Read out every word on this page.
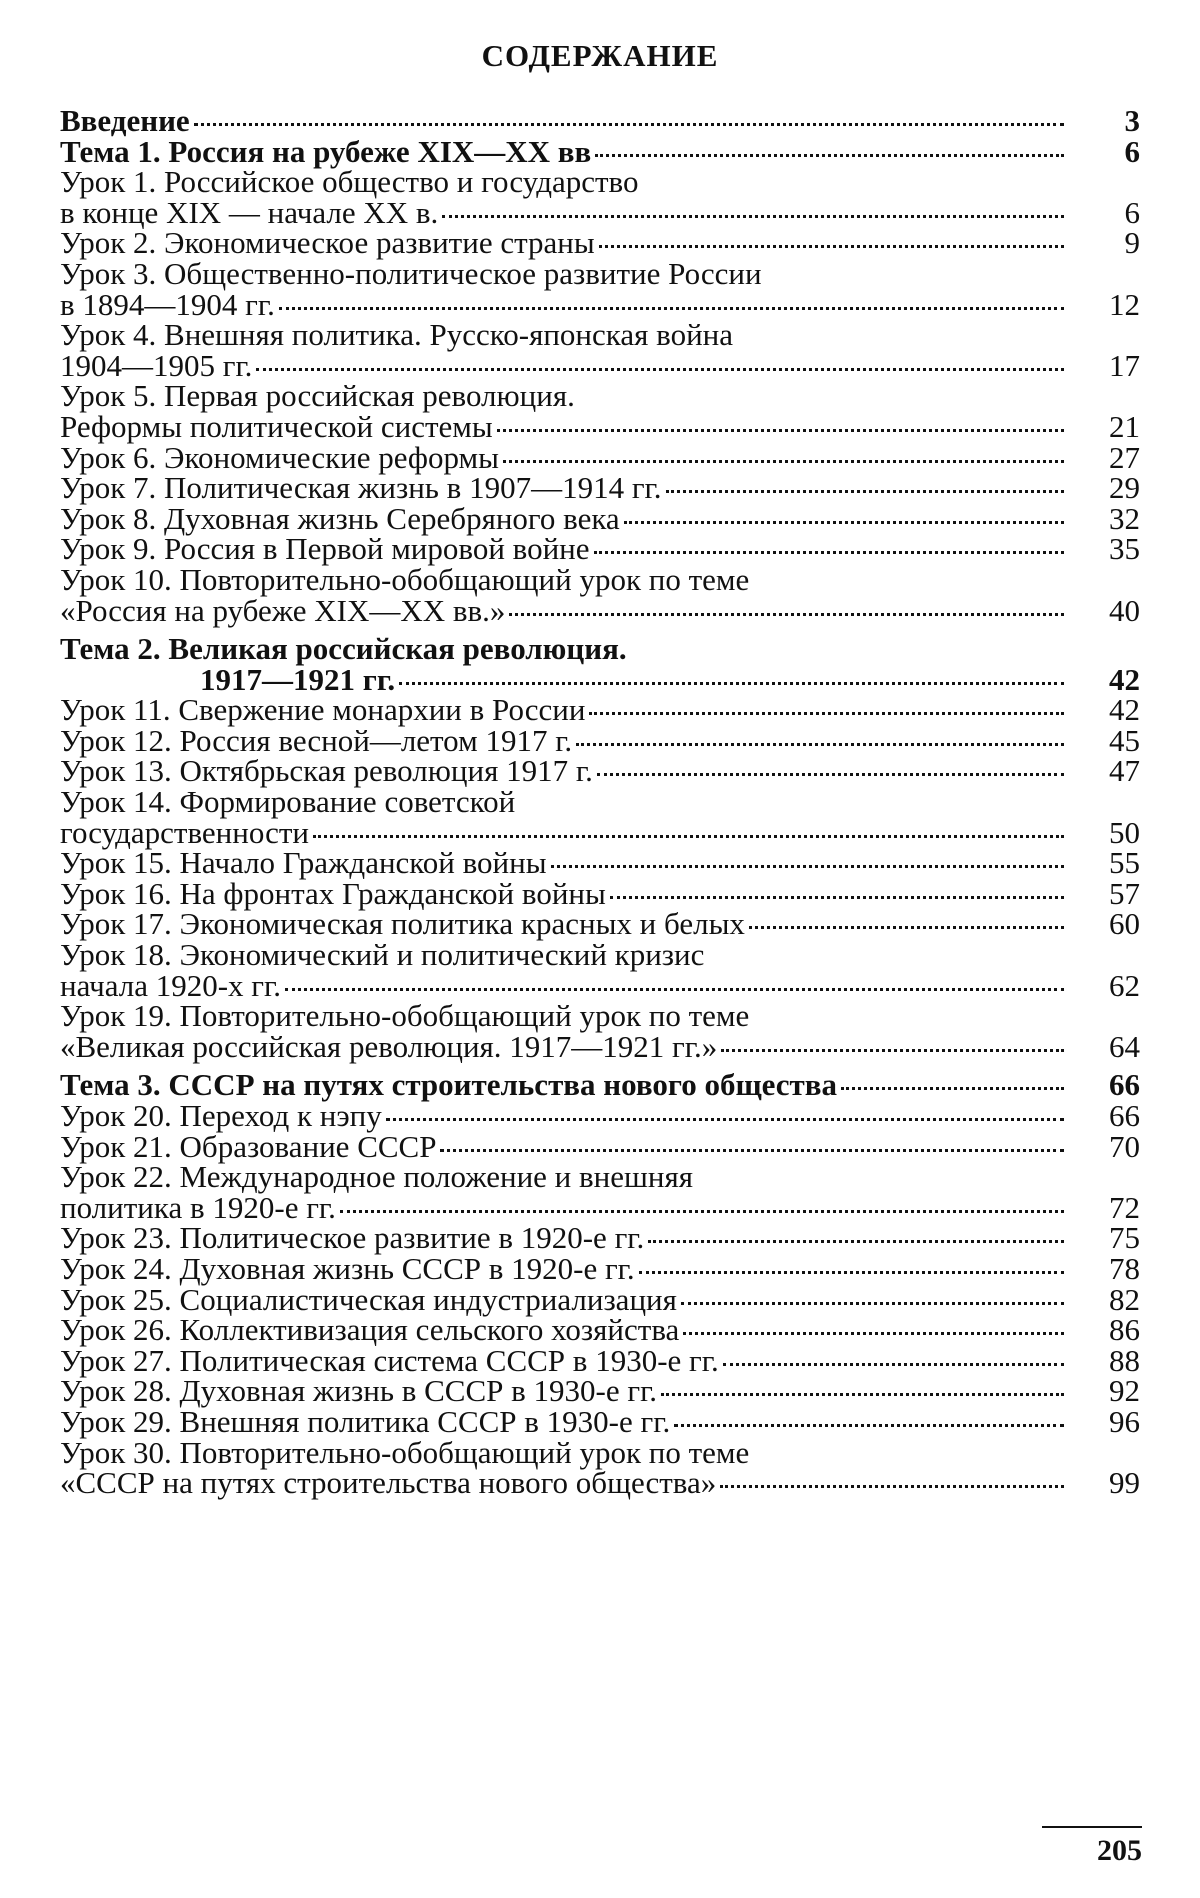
СОДЕРЖАНИЕ
Введение	3
Тема 1. Россия на рубеже XIX—XX вв	6
Урок 1. Российское общество и государство
в конце XIX — начале XX в.	6
Урок 2. Экономическое развитие страны	9
Урок 3. Общественно-политическое развитие России
в 1894—1904 гг.	12
Урок 4. Внешняя политика. Русско-японская война
1904—1905 гг.	17
Урок 5. Первая российская революция.
Реформы политической системы	21
Урок 6. Экономические реформы	27
Урок 7. Политическая жизнь в 1907—1914 гг.	29
Урок 8. Духовная жизнь Серебряного века	32
Урок 9. Россия в Первой мировой войне	35
Урок 10. Повторительно-обобщающий урок по теме
«Россия на рубеже XIX—XX вв.»	40
Тема 2. Великая российская революция.
1917—1921 гг.	42
Урок 11. Свержение монархии в России	42
Урок 12. Россия весной—летом 1917 г.	45
Урок 13. Октябрьская революция 1917 г.	47
Урок 14. Формирование советской
государственности	50
Урок 15. Начало Гражданской войны	55
Урок 16. На фронтах Гражданской войны	57
Урок 17. Экономическая политика красных и белых	60
Урок 18. Экономический и политический кризис
начала 1920-х гг.	62
Урок 19. Повторительно-обобщающий урок по теме
«Великая российская революция. 1917—1921 гг.»	64
Тема 3. СССР на путях строительства нового общества	66
Урок 20. Переход к нэпу	66
Урок 21. Образование СССР	70
Урок 22. Международное положение и внешняя
политика в 1920-е гг.	72
Урок 23. Политическое развитие в 1920-е гг.	75
Урок 24. Духовная жизнь СССР в 1920-е гг.	78
Урок 25. Социалистическая индустриализация	82
Урок 26. Коллективизация сельского хозяйства	86
Урок 27. Политическая система СССР в 1930-е гг.	88
Урок 28. Духовная жизнь в СССР в 1930-е гг.	92
Урок 29. Внешняя политика СССР в 1930-е гг.	96
Урок 30. Повторительно-обобщающий урок по теме
«СССР на путях строительства нового общества»	99
205
